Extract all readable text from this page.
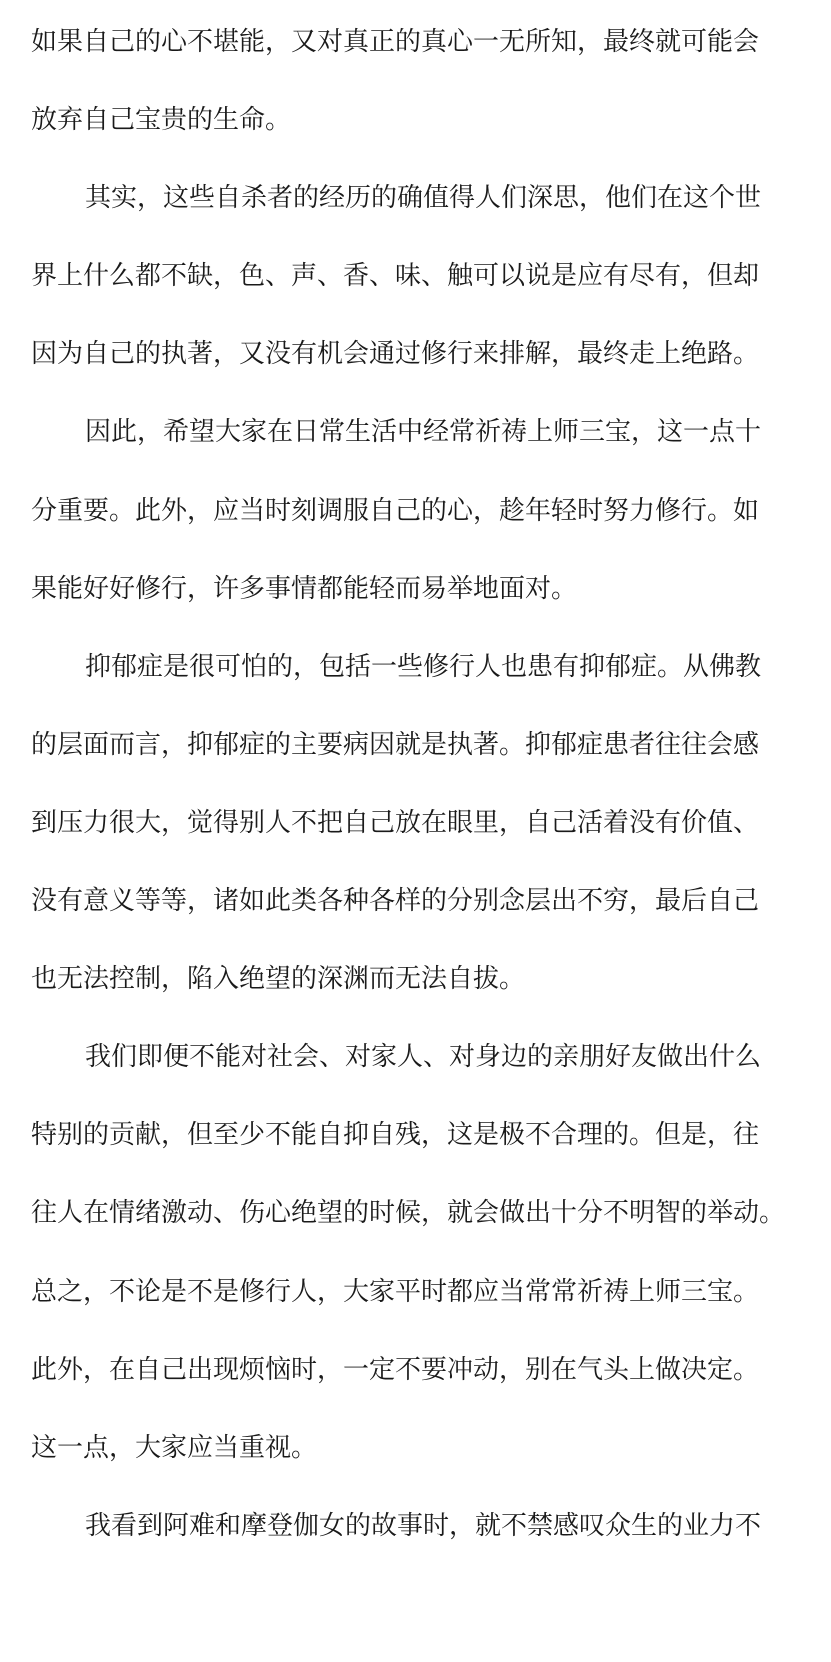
如果自己的心不堪能，又对真正的真心一无所知，最终就可能会
放弃自己宝贵的生命。
其实，这些自杀者的经历的确值得人们深思，他们在这个世
界上什么都不缺，色、声、香、味、触可以说是应有尽有，但却
因为自己的执著，又没有机会通过修行来排解，最终走上绝路。
因此，希望大家在日常生活中经常祈祷上师三宝，这一点十
分重要。此外，应当时刻调服自己的心，趁年轻时努力修行。如
果能好好修行，许多事情都能轻而易举地面对。
抑郁症是很可怕的，包括一些修行人也患有抑郁症。从佛教
的层面而言，抑郁症的主要病因就是执著。抑郁症患者往往会感
到压力很大，觉得别人不把自己放在眼里，自己活着没有价值、
没有意义等等，诸如此类各种各样的分别念层出不穷，最后自己
也无法控制，陷入绝望的深渊而无法自拔。
我们即便不能对社会、对家人、对身边的亲朋好友做出什么
特别的贡献，但至少不能自抑自残，这是极不合理的。但是，往
往人在情绪激动、伤心绝望的时候，就会做出十分不明智的举动。
总之，不论是不是修行人，大家平时都应当常常祈祷上师三宝。
此外，在自己出现烦恼时，一定不要冲动，别在气头上做决定。
这一点，大家应当重视。
我看到阿难和摩登伽女的故事时，就不禁感叹众生的业力不
